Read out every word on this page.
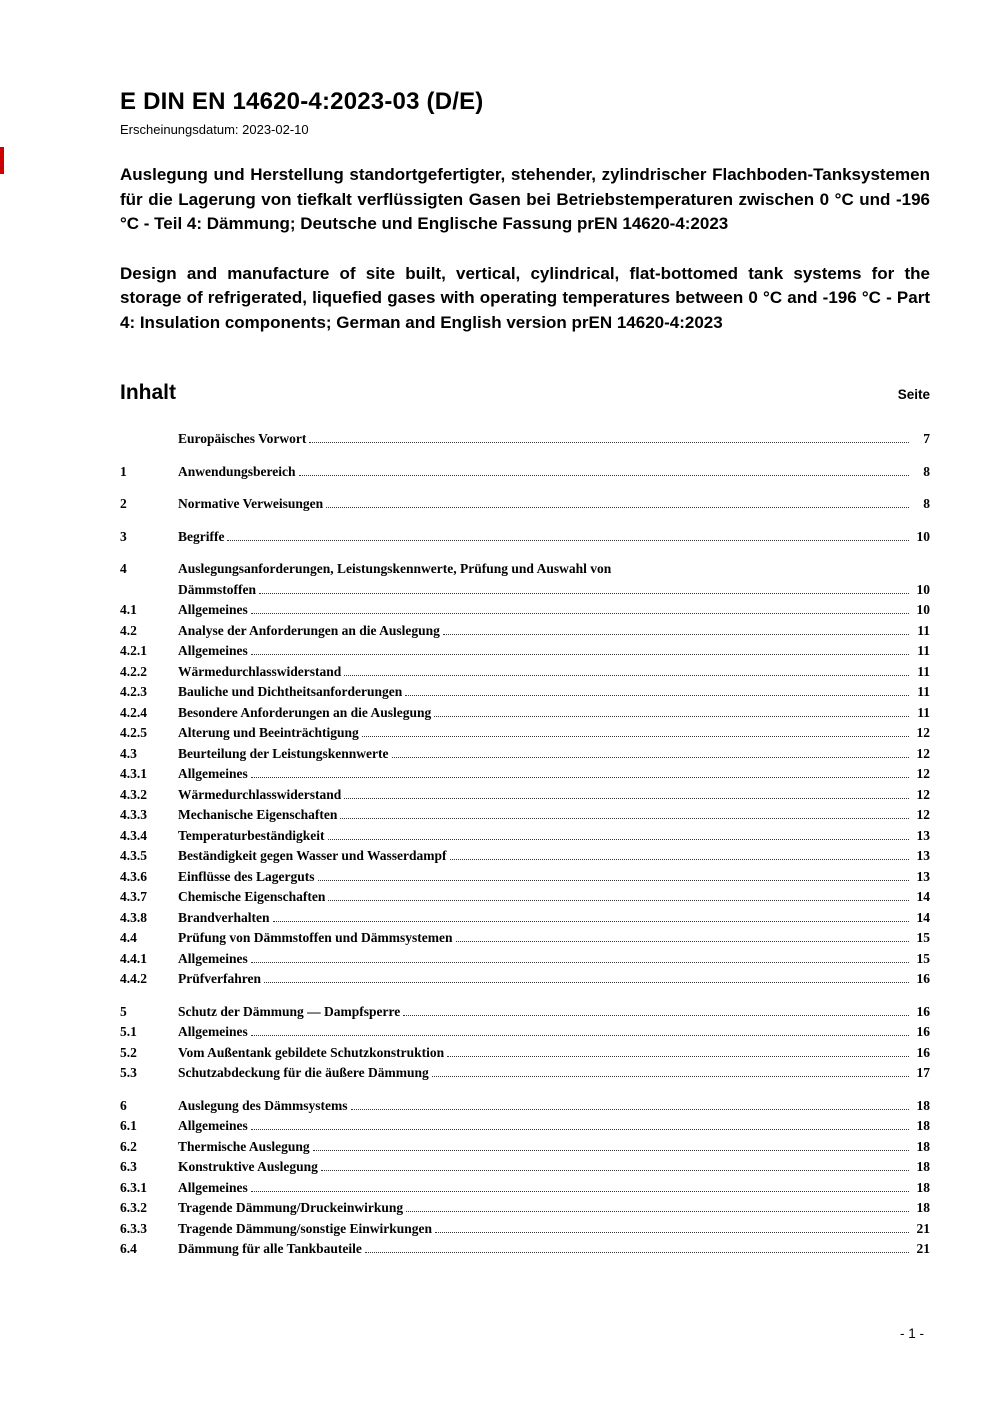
E DIN EN 14620-4:2023-03 (D/E)
Erscheinungsdatum: 2023-02-10

Auslegung und Herstellung standortgefertigter, stehender, zylindrischer Flachboden-Tanksystemen für die Lagerung von tiefkalt verflüssigten Gasen bei Betriebstemperaturen zwischen 0 °C und -196 °C - Teil 4: Dämmung; Deutsche und Englische Fassung prEN 14620-4:2023

Design and manufacture of site built, vertical, cylindrical, flat-bottomed tank systems for the storage of refrigerated, liquefied gases with operating temperatures between 0 °C and -196 °C - Part 4: Insulation components; German and English version prEN 14620-4:2023

Inhalt	Seite
Europäisches Vorwort	7
1	Anwendungsbereich	8
2	Normative Verweisungen	8
3	Begriffe	10
4	Auslegungsanforderungen, Leistungskennwerte, Prüfung und Auswahl von
Dämmstoffen	10
4.1	Allgemeines	10
4.2	Analyse der Anforderungen an die Auslegung	11
4.2.1	Allgemeines	11
4.2.2	Wärmedurchlasswiderstand	11
4.2.3	Bauliche und Dichtheitsanforderungen	11
4.2.4	Besondere Anforderungen an die Auslegung	11
4.2.5	Alterung und Beeinträchtigung	12
4.3	Beurteilung der Leistungskennwerte	12
4.3.1	Allgemeines	12
4.3.2	Wärmedurchlasswiderstand	12
4.3.3	Mechanische Eigenschaften	12
4.3.4	Temperaturbeständigkeit	13
4.3.5	Beständigkeit gegen Wasser und Wasserdampf	13
4.3.6	Einflüsse des Lagerguts	13
4.3.7	Chemische Eigenschaften	14
4.3.8	Brandverhalten	14
4.4	Prüfung von Dämmstoffen und Dämmsystemen	15
4.4.1	Allgemeines	15
4.4.2	Prüfverfahren	16
5	Schutz der Dämmung — Dampfsperre	16
5.1	Allgemeines	16
5.2	Vom Außentank gebildete Schutzkonstruktion	16
5.3	Schutzabdeckung für die äußere Dämmung	17
6	Auslegung des Dämmsystems	18
6.1	Allgemeines	18
6.2	Thermische Auslegung	18
6.3	Konstruktive Auslegung	18
6.3.1	Allgemeines	18
6.3.2	Tragende Dämmung/Druckeinwirkung	18
6.3.3	Tragende Dämmung/sonstige Einwirkungen	21
6.4	Dämmung für alle Tankbauteile	21
- 1 -
